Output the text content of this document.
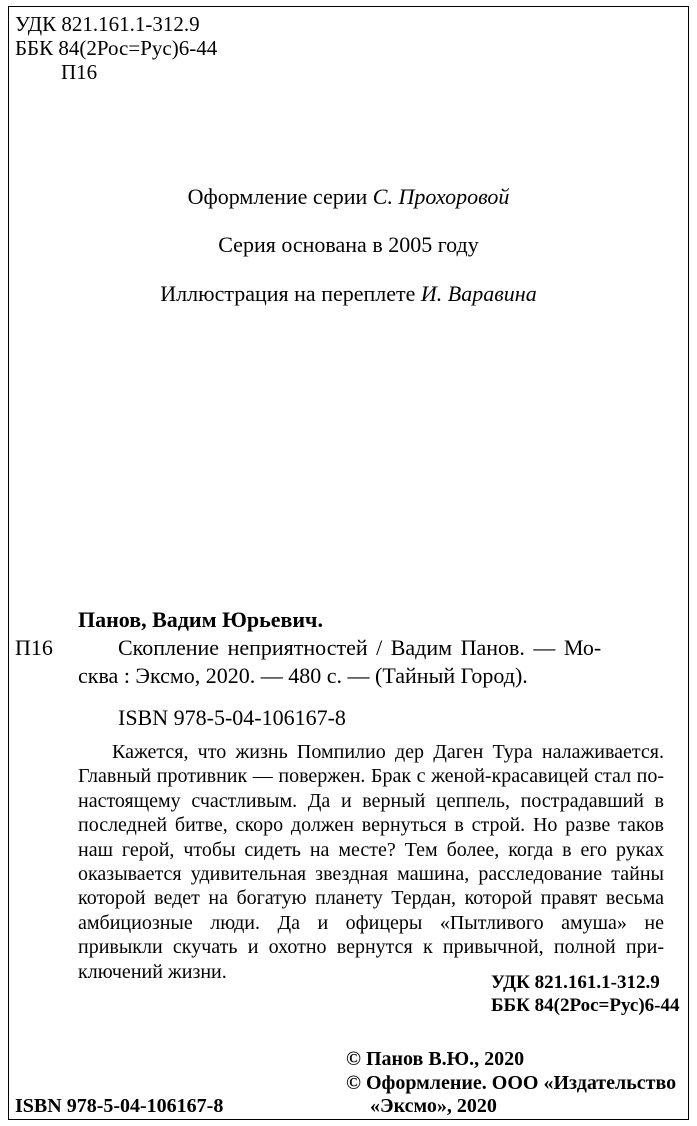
УДК 821.161.1-312.9
ББК 84(2Рос=Рус)6-44
П16
Оформление серии С. Прохоровой
Серия основана в 2005 году
Иллюстрация на переплете И. Варавина
Панов, Вадим Юрьевич.
П16	Скопление неприятностей / Вадим Панов. — Мо-
сква : Эксмо, 2020. — 480 с. — (Тайный Город).
ISBN 978-5-04-106167-8
Кажется, что жизнь Помпилио дер Даген Тура налаживается. Главный противник — повержен. Брак с женой-красавицей стал по-настоящему счастливым. Да и верный цеппель, пострадавший в последней битве, скоро должен вернуться в строй. Но разве таков наш герой, чтобы сидеть на месте? Тем более, когда в его руках оказывается удивительная звездная машина, расследование тайны которой ведет на богатую планету Тердан, которой правят весьма амбициозные люди. Да и офицеры «Пытливого амуша» не привыкли скучать и охотно вернутся к привычной, полной приключений жизни.	УДК 821.161.1-312.9
ББК 84(2Рос=Рус)6-44
© Панов В.Ю., 2020
© Оформление. ООО «Издательство
«Эксмо», 2020
ISBN 978-5-04-106167-8
